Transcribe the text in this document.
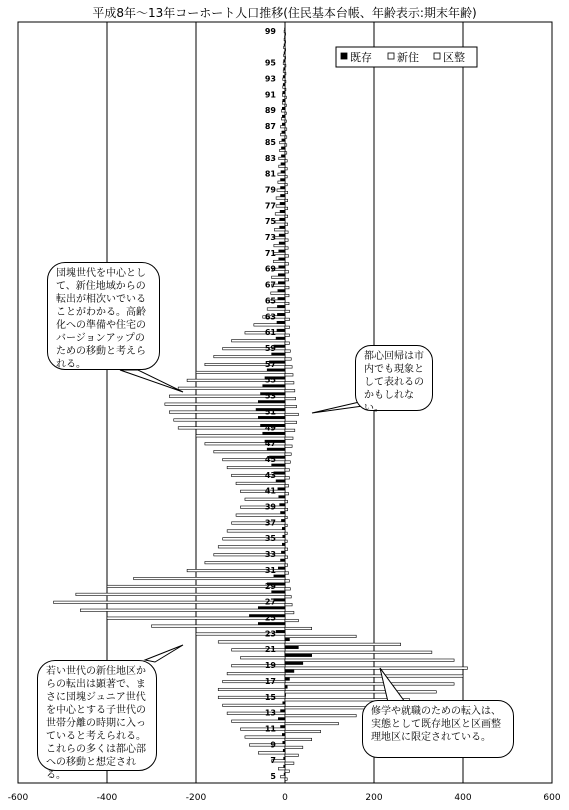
平成8年～13年コーホート人口推移(住民基本台帳、年齢表示:期末年齢)
-600	-400	-200	0	200	400	600
99
95
93
91
89
87
85
83
81
79
77
75
73
71
69
67
65
63
61
59
57
55
53
51
49
47
45
43
41
39
37
35
33
31
29
27
25
23
21
19
17
15
13
11
9
7
5
既存 新住 区整
団塊世代を中心として、新住地域からの転出が相次いでいることがわかる。高齢化への準備や住宅のバージョンアップのための移動と考えられる。
都心回帰は市内でも現象として表れるのかもしれない。
若い世代の新住地区からの転出は顕著で、まさに団塊ジュニア世代を中心とする子世代の世帯分離の時期に入っていると考えられる。これらの多くは都心部への移動と想定される。
修学や就職のための転入は、実態として既存地区と区画整理地区に限定されている。
